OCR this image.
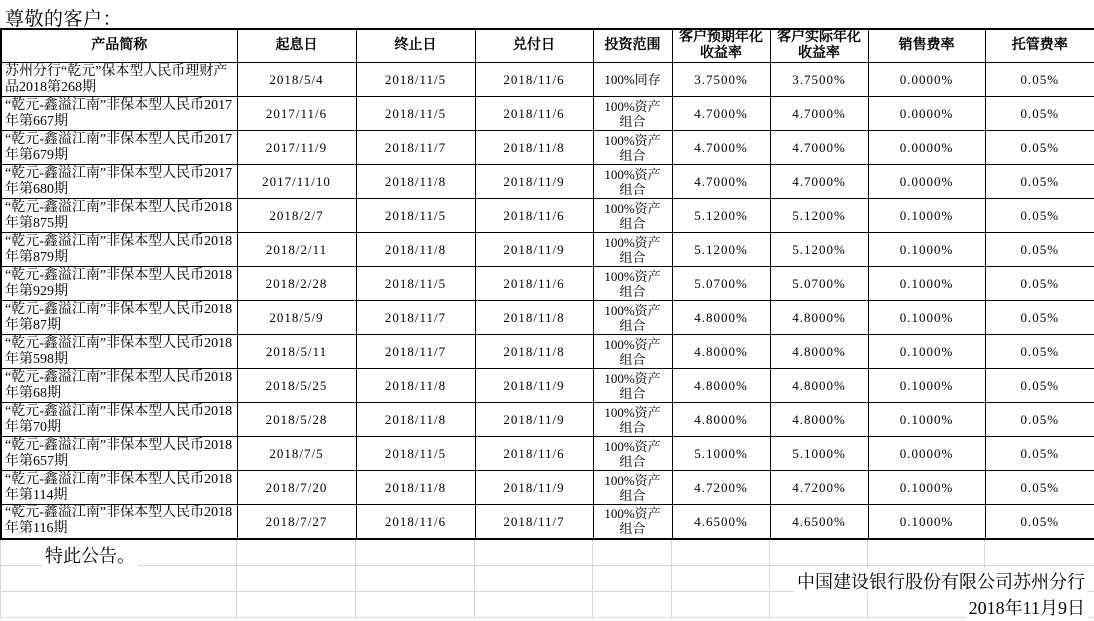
尊敬的客户：
产品简称	起息日	终止日	兑付日	投资范围	客户预期年化收益率	客户实际年化收益率	销售费率	托管费率
苏州分行“乾元”保本型人民币理财产品2018第268期	2018/5/4	2018/11/5	2018/11/6	100%同存	3.7500%	3.7500%	0.0000%	0.05%
“乾元-鑫溢江南”非保本型人民币2017年第667期	2017/11/6	2018/11/5	2018/11/6	100%资产组合	4.7000%	4.7000%	0.0000%	0.05%
“乾元-鑫溢江南”非保本型人民币2017年第679期	2017/11/9	2018/11/7	2018/11/8	100%资产组合	4.7000%	4.7000%	0.0000%	0.05%
“乾元-鑫溢江南”非保本型人民币2017年第680期	2017/11/10	2018/11/8	2018/11/9	100%资产组合	4.7000%	4.7000%	0.0000%	0.05%
“乾元-鑫溢江南”非保本型人民币2018年第875期	2018/2/7	2018/11/5	2018/11/6	100%资产组合	5.1200%	5.1200%	0.1000%	0.05%
“乾元-鑫溢江南”非保本型人民币2018年第879期	2018/2/11	2018/11/8	2018/11/9	100%资产组合	5.1200%	5.1200%	0.1000%	0.05%
“乾元-鑫溢江南”非保本型人民币2018年第929期	2018/2/28	2018/11/5	2018/11/6	100%资产组合	5.0700%	5.0700%	0.1000%	0.05%
“乾元-鑫溢江南”非保本型人民币2018年第87期	2018/5/9	2018/11/7	2018/11/8	100%资产组合	4.8000%	4.8000%	0.1000%	0.05%
“乾元-鑫溢江南”非保本型人民币2018年第598期	2018/5/11	2018/11/7	2018/11/8	100%资产组合	4.8000%	4.8000%	0.1000%	0.05%
“乾元-鑫溢江南”非保本型人民币2018年第68期	2018/5/25	2018/11/8	2018/11/9	100%资产组合	4.8000%	4.8000%	0.1000%	0.05%
“乾元-鑫溢江南”非保本型人民币2018年第70期	2018/5/28	2018/11/8	2018/11/9	100%资产组合	4.8000%	4.8000%	0.1000%	0.05%
“乾元-鑫溢江南”非保本型人民币2018年第657期	2018/7/5	2018/11/5	2018/11/6	100%资产组合	5.1000%	5.1000%	0.0000%	0.05%
“乾元-鑫溢江南”非保本型人民币2018年第114期	2018/7/20	2018/11/8	2018/11/9	100%资产组合	4.7200%	4.7200%	0.1000%	0.05%
“乾元-鑫溢江南”非保本型人民币2018年第116期	2018/7/27	2018/11/6	2018/11/7	100%资产组合	4.6500%	4.6500%	0.1000%	0.05%

特此公告。
中国建设银行股份有限公司苏州分行
2018年11月9日
